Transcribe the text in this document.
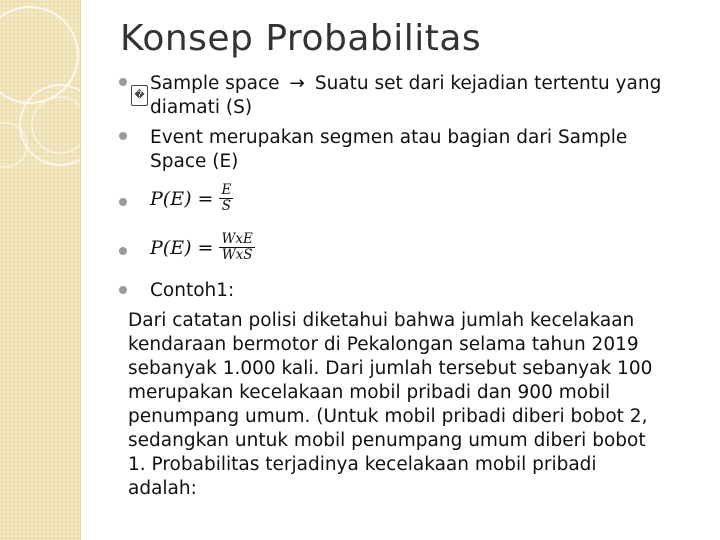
Konsep Probabilitas
�
Sample space → Suatu set dari kejadian tertentu yang
diamati (S)
Event merupakan segmen atau bagian dari Sample
Space (E)
$P(E) = \frac{E}{S}$
$P(E) = \frac{\text{WxE}}{\text{WxS}}$
Contoh1:
Dari catatan polisi diketahui bahwa jumlah kecelakaan
kendaraan bermotor di Pekalongan selama tahun 2019
sebanyak 1.000 kali. Dari jumlah tersebut sebanyak 100
merupakan kecelakaan mobil pribadi dan 900 mobil
penumpang umum. (Untuk mobil pribadi diberi bobot 2,
sedangkan untuk mobil penumpang umum diberi bobot
1. Probabilitas terjadinya kecelakaan mobil pribadi
adalah:
